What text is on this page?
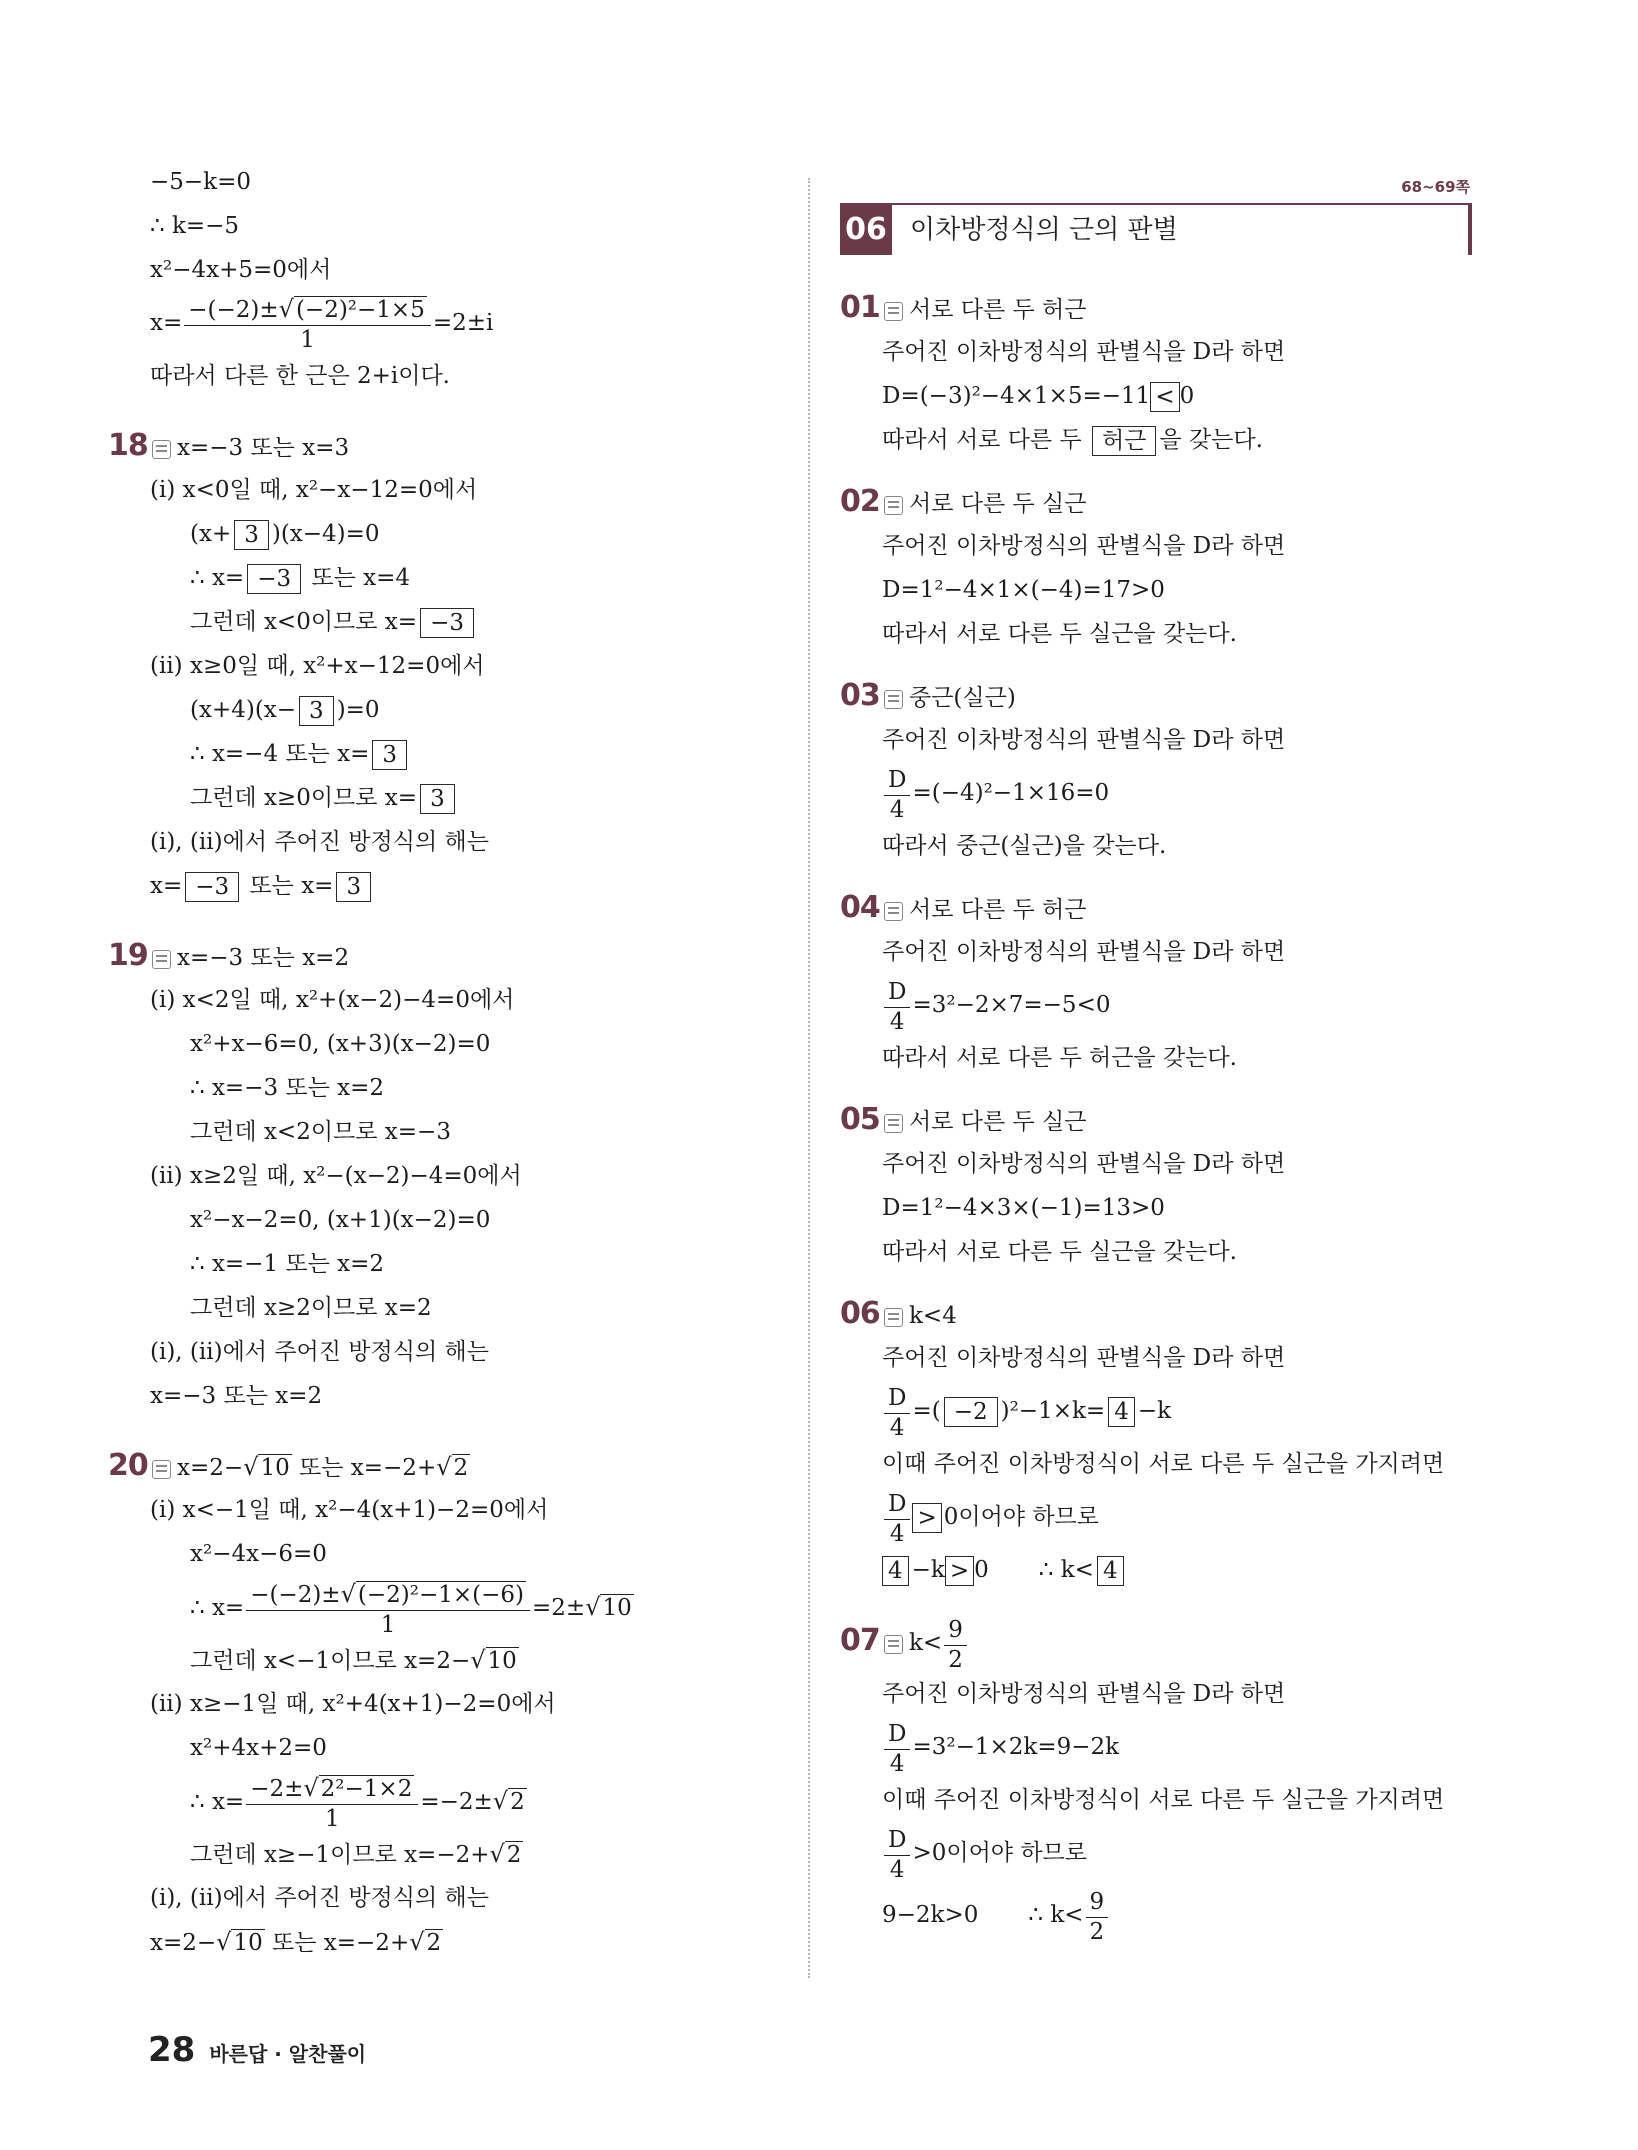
68~69쪽
06 이차방정식의 근의 판별
−5−k=0
∴ k=−5
x²−4x+5=0에서
$x= \frac{\text{−(−2)±√(−2)²−1×5}}{1} =2\pm i$
따라서 다른 한 근은 2+i이다.
18 x=−3 또는 x=3
(ⅰ) x<0일 때, x²−x−12=0에서
(x+ 3 )(x−4)=0
∴ x= −3 또는 x=4
그런데 x<0이므로 x= −3
(ⅱ) x≥0일 때, x²+x−12=0에서
(x+4)(x− 3 )=0
∴ x=−4 또는 x= 3
그런데 x≥0이므로 x= 3
(ⅰ), (ⅱ)에서 주어진 방정식의 해는
x= −3 또는 x= 3
19 x=−3 또는 x=2
(ⅰ) x<2일 때, x²+(x−2)−4=0에서
x²+x−6=0, (x+3)(x−2)=0
∴ x=−3 또는 x=2
그런데 x<2이므로 x=−3
(ⅱ) x≥2일 때, x²−(x−2)−4=0에서
x²−x−2=0, (x+1)(x−2)=0
∴ x=−1 또는 x=2
그런데 x≥2이므로 x=2
(ⅰ), (ⅱ)에서 주어진 방정식의 해는
x=−3 또는 x=2
20 x=2−√10 또는 x=−2+√2
(ⅰ) x<−1일 때, x²−4(x+1)−2=0에서
x²−4x−6=0
∴ $x= \frac{\text{−(−2)±√(−2)²−1×(−6)}}{1} =2\pm√10$
그런데 x<−1이므로 x=2−√10
(ⅱ) x≥−1일 때, x²+4(x+1)−2=0에서
x²+4x+2=0
∴ $x= \frac{\text{−2±√2²−1×2}}{1} =-2\pm√2$
그런데 x≥−1이므로 x=−2+√2
(ⅰ), (ⅱ)에서 주어진 방정식의 해는
x=2−√10 또는 x=−2+√2
01 서로 다른 두 허근
주어진 이차방정식의 판별식을 D라 하면
D=(−3)²−4×1×5=−11 < 0
따라서 서로 다른 두 허근 을 갖는다.
02 서로 다른 두 실근
주어진 이차방정식의 판별식을 D라 하면
D=1²−4×1×(−4)=17>0
따라서 서로 다른 두 실근을 갖는다.
03 중근(실근)
주어진 이차방정식의 판별식을 D라 하면
$\frac{D}{4} =(-4)^2-1\times 16=0$
따라서 중근(실근)을 갖는다.
04 서로 다른 두 허근
주어진 이차방정식의 판별식을 D라 하면
$\frac{D}{4} =3^2-2\times 7=-5<0$
따라서 서로 다른 두 허근을 갖는다.
05 서로 다른 두 실근
주어진 이차방정식의 판별식을 D라 하면
D=1²−4×3×(−1)=13>0
따라서 서로 다른 두 실근을 갖는다.
06 k<4
주어진 이차방정식의 판별식을 D라 하면
$\frac{D}{4}$ =( −2 )²−1×k= 4 −k
이때 주어진 이차방정식이 서로 다른 두 실근을 가지려면
$\frac{D}{4} > 0$이어야 하므로
4 −k > 0 ∴ k< 4
07 $k< \frac{9}{2}$
주어진 이차방정식의 판별식을 D라 하면
$\frac{D}{4} =3^2-1\times 2k=9-2k$
이때 주어진 이차방정식이 서로 다른 두 실근을 가지려면
$\frac{D}{4} >0$이어야 하므로
9−2k>0 ∴ $k< \frac{9}{2}$
28 바른답 · 알찬풀이
